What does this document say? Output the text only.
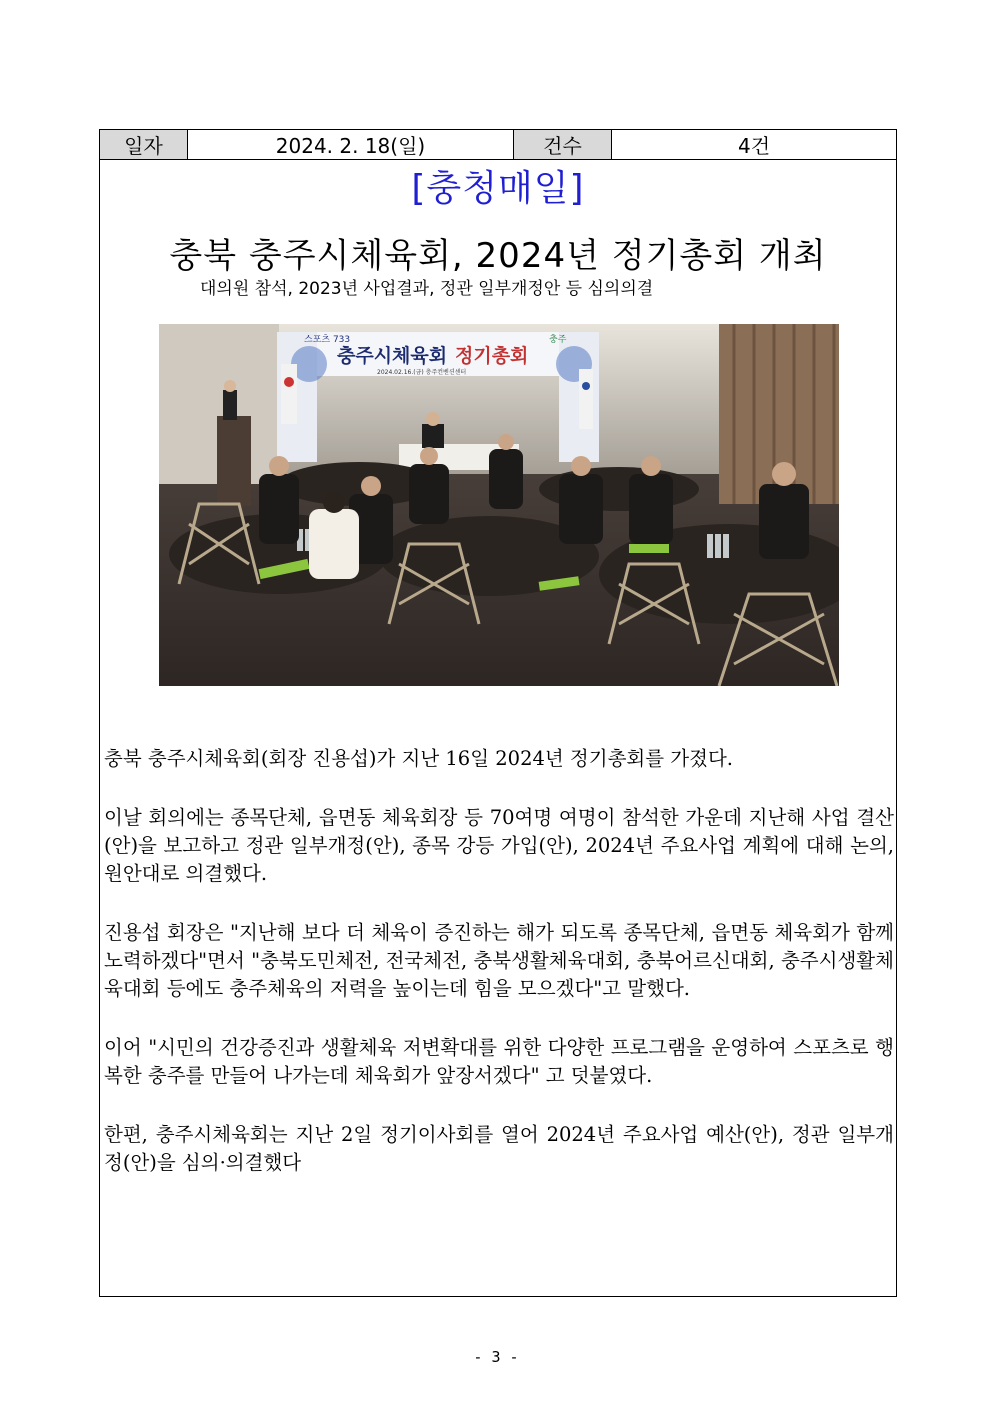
일자	2024. 2. 18(일)	건수	4건
[충청매일]
충북 충주시체육회, 2024년 정기총회 개최
대의원 참석, 2023년 사업결과, 정관 일부개정안 등 심의의결
스포츠 733	충주
충주시체육회 정기총회
2024.02.16.(금) 충주컨벤션센터

충북 충주시체육회(회장 진용섭)가 지난 16일 2024년 정기총회를 가졌다.

이날 회의에는 종목단체, 읍면동 체육회장 등 70여명 여명이 참석한 가운데 지난해 사업 결산(안)을 보고하고 정관 일부개정(안), 종목 강등 가입(안), 2024년 주요사업 계획에 대해 논의, 원안대로 의결했다.

진용섭 회장은 "지난해 보다 더 체육이 증진하는 해가 되도록 종목단체, 읍면동 체육회가 함께 노력하겠다"면서 "충북도민체전, 전국체전, 충북생활체육대회, 충북어르신대회, 충주시생활체육대회 등에도 충주체육의 저력을 높이는데 힘을 모으겠다"고 말했다.

이어 "시민의 건강증진과 생활체육 저변확대를 위한 다양한 프로그램을 운영하여 스포츠로 행복한 충주를 만들어 나가는데 체육회가 앞장서겠다" 고 덧붙였다.

한편, 충주시체육회는 지난 2일 정기이사회를 열어 2024년 주요사업 예산(안), 정관 일부개정(안)을 심의·의결했다

- 3 -
